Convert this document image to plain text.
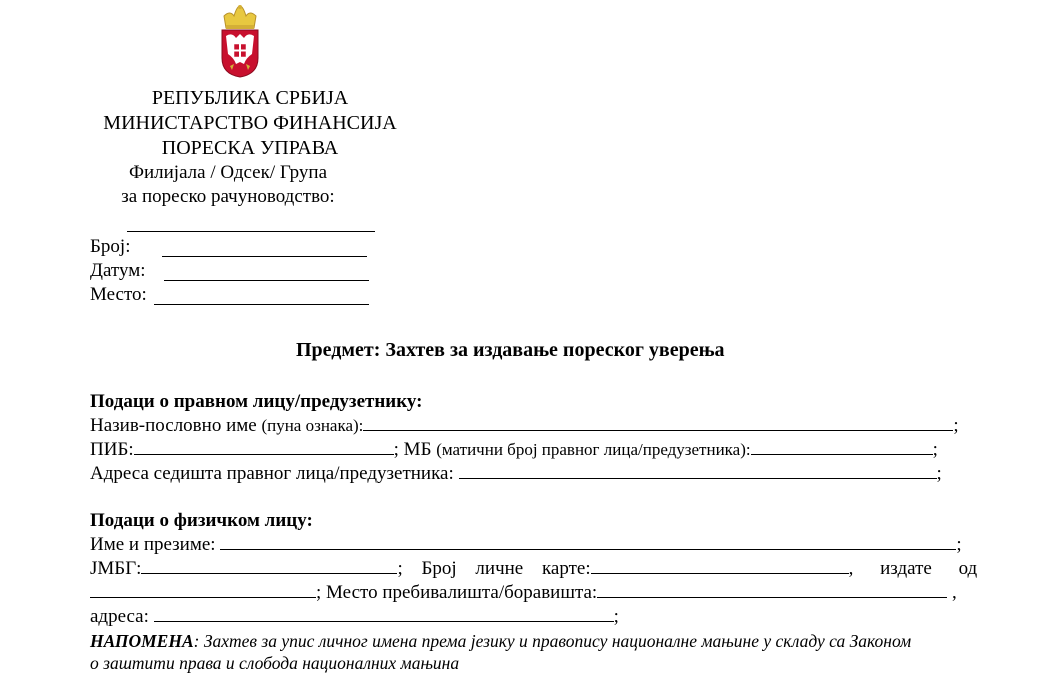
РЕПУБЛИКА СРБИЈА
МИНИСТАРСТВО ФИНАНСИЈА
ПОРЕСКА УПРАВА
Филијала / Одсек/ Група
за пореско рачуноводство:
Број:
Датум:
Место:
Предмет: Захтев за издавање пореског уверења
Подаци о правном лицу/предузетнику:
Назив-пословно име (пуна ознака):	;
ПИБ:	; МБ (матични број правног лица/предузетника):	;
Адреса седишта правног лица/предузетника:	;
Подаци о физичком лицу:
Име и презиме:	;
ЈМБГ:	; Број личне карте:	, издате од
; Место пребивалишта/боравишта:	,
адреса:	;
НАПОМЕНА: Захтев за упис личног имена према језику и правопису националне мањине у складу са Законом
о заштити права и слобода националних мањина
